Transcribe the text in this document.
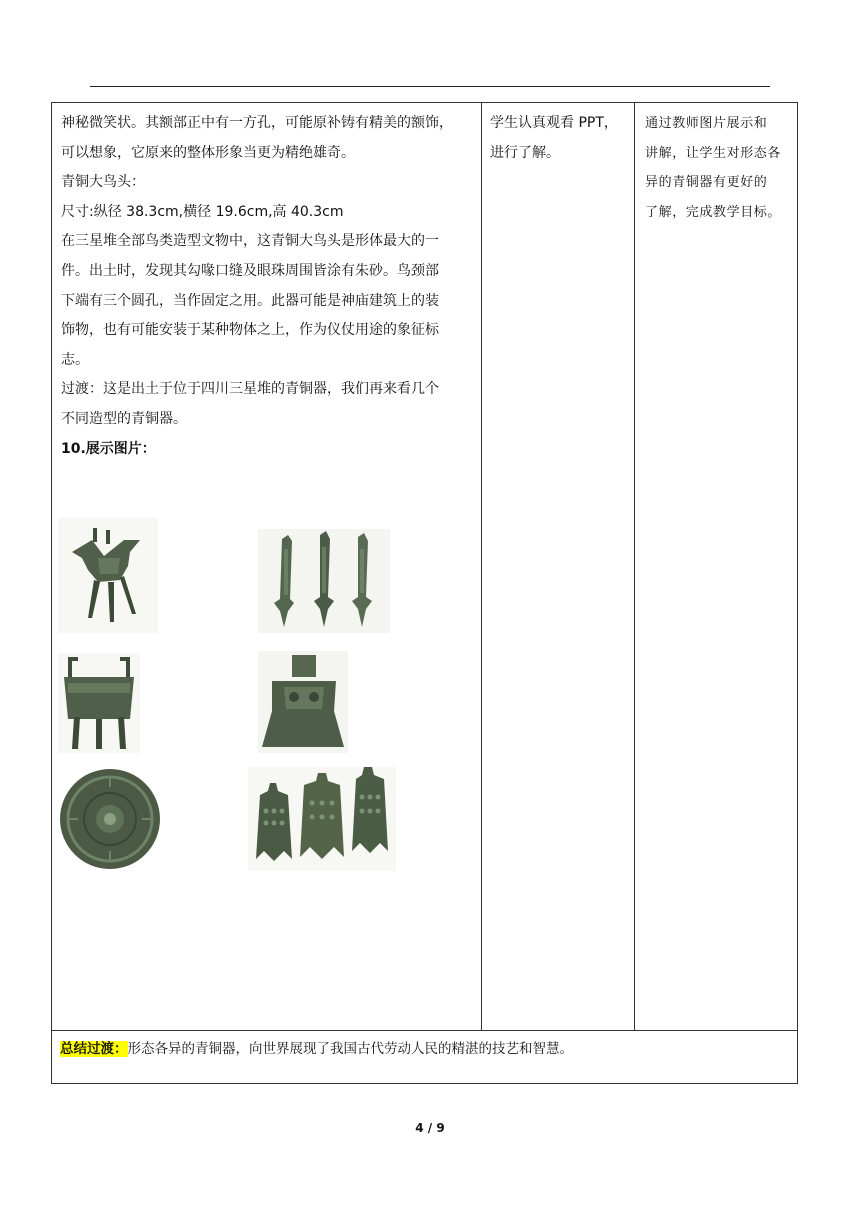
神秘微笑状。其额部正中有一方孔，可能原补铸有精美的额饰，

可以想象，它原来的整体形象当更为精绝雄奇。

青铜大鸟头：

尺寸:纵径 38.3cm,横径 19.6cm,高 40.3cm

在三星堆全部鸟类造型文物中，这青铜大鸟头是形体最大的一

件。出土时，发现其勾喙口缝及眼珠周围皆涂有朱砂。鸟颈部

下端有三个圆孔，当作固定之用。此器可能是神庙建筑上的装

饰物，也有可能安装于某种物体之上，作为仪仗用途的象征标

志。

过渡：这是出土于位于四川三星堆的青铜器，我们再来看几个

不同造型的青铜器。

10.展示图片：

学生认真观看 PPT，

进行了解。

通过教师图片展示和

讲解，让学生对形态各

异的青铜器有更好的

了解，完成教学目标。

总结过渡：形态各异的青铜器，向世界展现了我国古代劳动人民的精湛的技艺和智慧。
4 / 9
